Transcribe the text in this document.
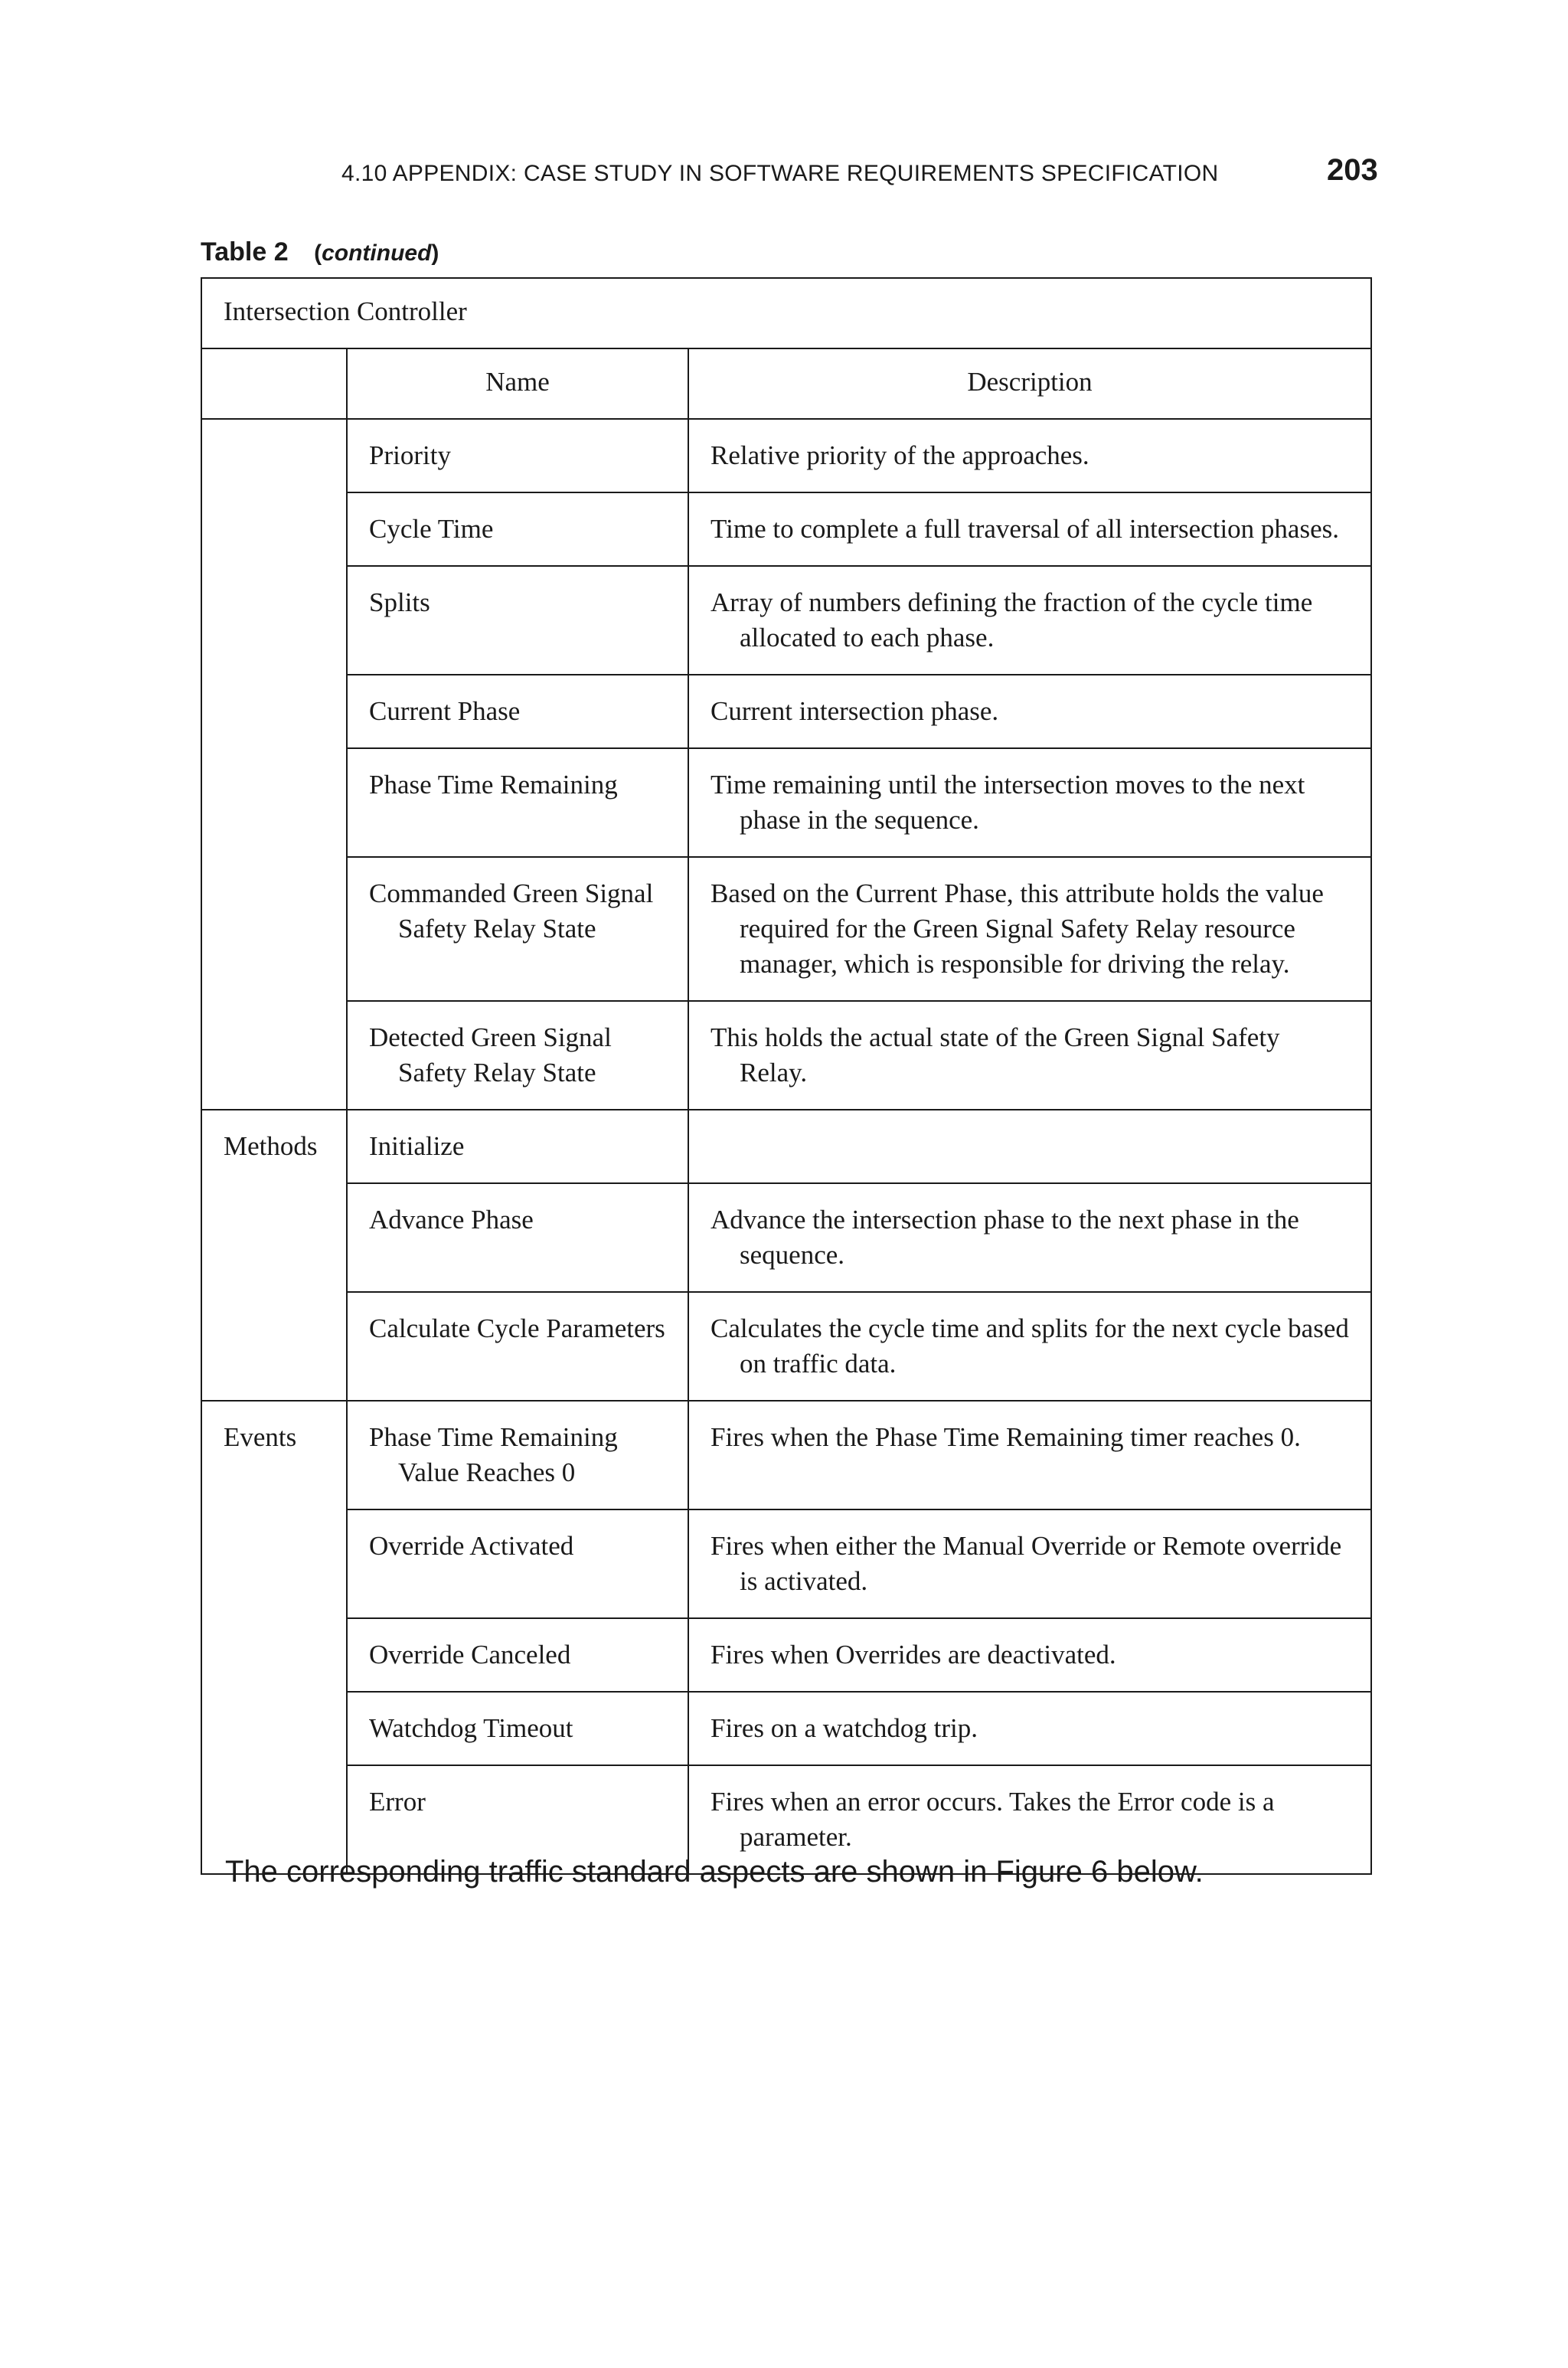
4.10 APPENDIX: CASE STUDY IN SOFTWARE REQUIREMENTS SPECIFICATION	203
Table 2 (continued)
Intersection Controller		
	Name	Description

	Priority	Relative priority of the approaches.

	Cycle Time	Time to complete a full traversal of all intersection phases.

	Splits	Array of numbers defining the fraction of the cycle time allocated to each phase.

	Current Phase	Current intersection phase.

	Phase Time Remaining	Time remaining until the intersection moves to the next phase in the sequence.

	Commanded Green Signal Safety Relay State	Based on the Current Phase, this attribute holds the value required for the Green Signal Safety Relay resource manager, which is responsible for driving the relay.

	Detected Green Signal Safety Relay State	This holds the actual state of the Green Signal Safety Relay.

Methods	Initialize	

	Advance Phase	Advance the intersection phase to the next phase in the sequence.

	Calculate Cycle Parameters	Calculates the cycle time and splits for the next cycle based on traffic data.

Events	Phase Time Remaining Value Reaches 0	Fires when the Phase Time Remaining timer reaches 0.

	Override Activated	Fires when either the Manual Override or Remote override is activated.

	Override Canceled	Fires when Overrides are deactivated.

	Watchdog Timeout	Fires on a watchdog trip.

	Error	Fires when an error occurs. Takes the Error code is a parameter.
The corresponding traffic standard aspects are shown in Figure 6 below.
